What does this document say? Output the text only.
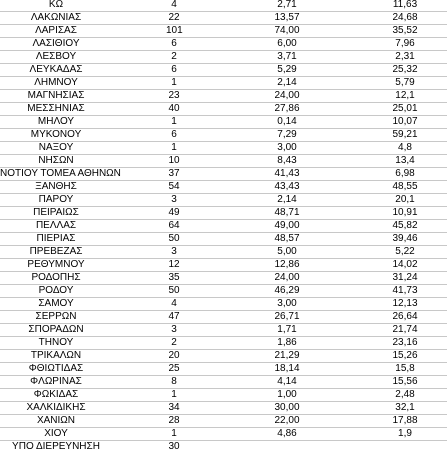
ΚΩ	4	2,71	11,63
ΛΑΚΩΝΙΑΣ	22	13,57	24,68
ΛΑΡΙΣΑΣ	101	74,00	35,52
ΛΑΣΙΘΙΟΥ	6	6,00	7,96
ΛΕΣΒΟΥ	2	3,71	2,31
ΛΕΥΚΑΔΑΣ	6	5,29	25,32
ΛΗΜΝΟΥ	1	2,14	5,79
ΜΑΓΝΗΣΙΑΣ	23	24,00	12,1
ΜΕΣΣΗΝΙΑΣ	40	27,86	25,01
ΜΗΛΟΥ	1	0,14	10,07
ΜΥΚΟΝΟΥ	6	7,29	59,21
ΝΑΞΟΥ	1	3,00	4,8
ΝΗΣΩΝ	10	8,43	13,4
ΝΟΤΙΟΥ ΤΟΜΕΑ ΑΘΗΝΩΝ	37	41,43	6,98
ΞΑΝΘΗΣ	54	43,43	48,55
ΠΑΡΟΥ	3	2,14	20,1
ΠΕΙΡΑΙΩΣ	49	48,71	10,91
ΠΕΛΛΑΣ	64	49,00	45,82
ΠΙΕΡΙΑΣ	50	48,57	39,46
ΠΡΕΒΕΖΑΣ	3	5,00	5,22
ΡΕΘΥΜΝΟΥ	12	12,86	14,02
ΡΟΔΟΠΗΣ	35	24,00	31,24
ΡΟΔΟΥ	50	46,29	41,73
ΣΑΜΟΥ	4	3,00	12,13
ΣΕΡΡΩΝ	47	26,71	26,64
ΣΠΟΡΑΔΩΝ	3	1,71	21,74
ΤΗΝΟΥ	2	1,86	23,16
ΤΡΙΚΑΛΩΝ	20	21,29	15,26
ΦΘΙΩΤΙΔΑΣ	25	18,14	15,8
ΦΛΩΡΙΝΑΣ	8	4,14	15,56
ΦΩΚΙΔΑΣ	1	1,00	2,48
ΧΑΛΚΙΔΙΚΗΣ	34	30,00	32,1
ΧΑΝΙΩΝ	28	22,00	17,88
ΧΙΟΥ	1	4,86	1,9
ΥΠΟ ΔΙΕΡΕΥΝΗΣΗ	30
